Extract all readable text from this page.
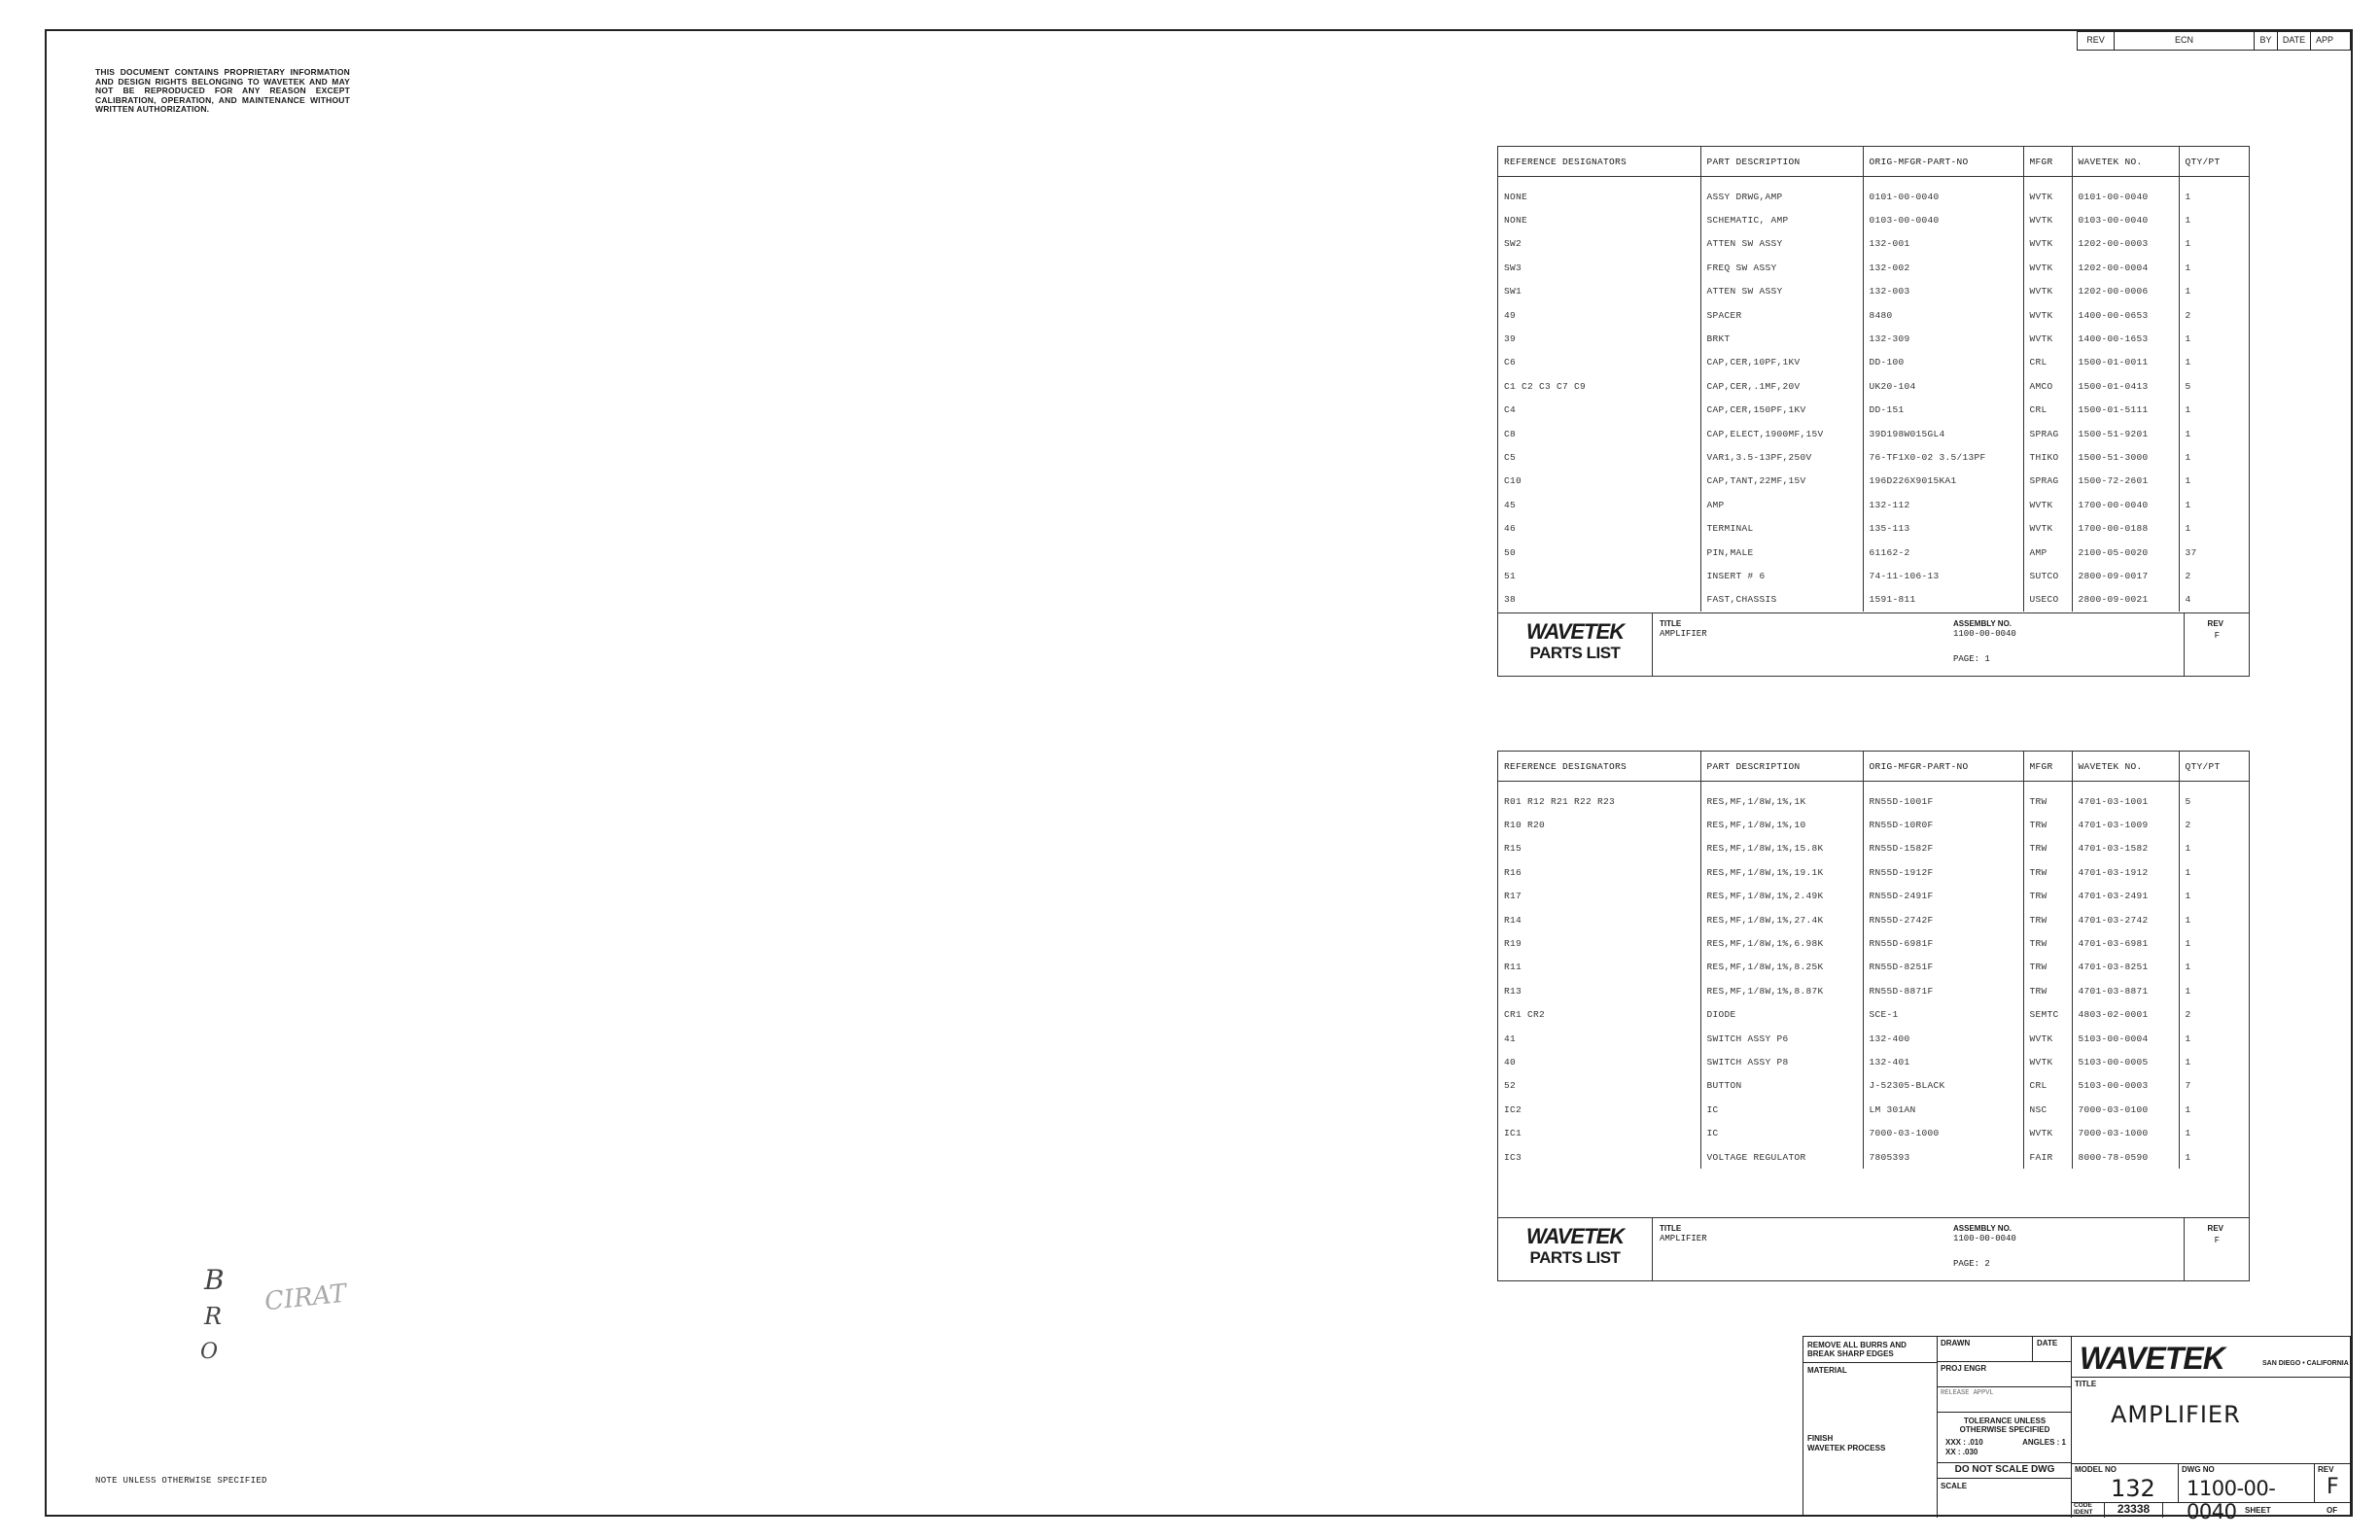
THIS DOCUMENT CONTAINS PROPRIETARY INFORMATION AND DESIGN RIGHTS BELONGING TO WAVETEK AND MAY NOT BE REPRODUCED FOR ANY REASON EXCEPT CALIBRATION, OPERATION, AND MAINTENANCE WITHOUT WRITTEN AUTHORIZATION.
REV	ECN	BY	DATE	APP
REFERENCE DESIGNATORS	PART DESCRIPTION	ORIG-MFGR-PART-NO	MFGR	WAVETEK NO.	QTY/PT
NONE	ASSY DRWG,AMP	0101-00-0040	WVTK	0101-00-0040	1
NONE	SCHEMATIC, AMP	0103-00-0040	WVTK	0103-00-0040	1
SW2	ATTEN SW ASSY	132-001	WVTK	1202-00-0003	1
SW3	FREQ SW ASSY	132-002	WVTK	1202-00-0004	1
SW1	ATTEN SW ASSY	132-003	WVTK	1202-00-0006	1
49	SPACER	8480	WVTK	1400-00-0653	2
39	BRKT	132-309	WVTK	1400-00-1653	1
C6	CAP,CER,10PF,1KV	DD-100	CRL	1500-01-0011	1
C1 C2 C3 C7 C9	CAP,CER,.1MF,20V	UK20-104	AMCO	1500-01-0413	5
C4	CAP,CER,150PF,1KV	DD-151	CRL	1500-01-5111	1
C8	CAP,ELECT,1900MF,15V	39D198W015GL4	SPRAG	1500-51-9201	1
C5	VAR1,3.5-13PF,250V	76-TF1X0-02 3.5/13PF	THIKO	1500-51-3000	1
C10	CAP,TANT,22MF,15V	196D226X9015KA1	SPRAG	1500-72-2601	1
45	AMP	132-112	WVTK	1700-00-0040	1
46	TERMINAL	135-113	WVTK	1700-00-0188	1
50	PIN,MALE	61162-2	AMP	2100-05-0020	37
51	INSERT # 6	74-11-106-13	SUTCO	2800-09-0017	2
38	FAST,CHASSIS	1591-811	USECO	2800-09-0021	4
WAVETEK
PARTS LIST
TITLE
AMPLIFIER
ASSEMBLY NO.
1100-00-0040
PAGE: 1
REV
F
REFERENCE DESIGNATORS	PART DESCRIPTION	ORIG-MFGR-PART-NO	MFGR	WAVETEK NO.	QTY/PT
R01 R12 R21 R22 R23	RES,MF,1/8W,1%,1K	RN55D-1001F	TRW	4701-03-1001	5
R10 R20	RES,MF,1/8W,1%,10	RN55D-10R0F	TRW	4701-03-1009	2
R15	RES,MF,1/8W,1%,15.8K	RN55D-1582F	TRW	4701-03-1582	1
R16	RES,MF,1/8W,1%,19.1K	RN55D-1912F	TRW	4701-03-1912	1
R17	RES,MF,1/8W,1%,2.49K	RN55D-2491F	TRW	4701-03-2491	1
R14	RES,MF,1/8W,1%,27.4K	RN55D-2742F	TRW	4701-03-2742	1
R19	RES,MF,1/8W,1%,6.98K	RN55D-6981F	TRW	4701-03-6981	1
R11	RES,MF,1/8W,1%,8.25K	RN55D-8251F	TRW	4701-03-8251	1
R13	RES,MF,1/8W,1%,8.87K	RN55D-8871F	TRW	4701-03-8871	1
CR1 CR2	DIODE	SCE-1	SEMTC	4803-02-0001	2
41	SWITCH ASSY P6	132-400	WVTK	5103-00-0004	1
40	SWITCH ASSY P8	132-401	WVTK	5103-00-0005	1
52	BUTTON	J-52305-BLACK	CRL	5103-00-0003	7
IC2	IC	LM 301AN	NSC	7000-03-0100	1
IC1	IC	7000-03-1000	WVTK	7000-03-1000	1
IC3	VOLTAGE REGULATOR	7805393	FAIR	8000-78-0590	1
WAVETEK
PARTS LIST
TITLE
AMPLIFIER
ASSEMBLY NO.
1100-00-0040
PAGE: 2
REV
F
B
R
O
CIRAT
NOTE UNLESS OTHERWISE SPECIFIED
REMOVE ALL BURRS AND BREAK SHARP EDGES
MATERIAL
FINISH
WAVETEK PROCESS
DRAWN	DATE
PROJ ENGR
RELEASE APPVL
TOLERANCE UNLESS OTHERWISE SPECIFIED
XXX : .010	ANGLES : 1
XX : .030
DO NOT SCALE DWG
SCALE
WAVETEK	SAN DIEGO • CALIFORNIA
TITLE
AMPLIFIER
MODEL NO
132
DWG NO
1100-00-0040
REV
F
CODE IDENT	23338	SHEET	OF
